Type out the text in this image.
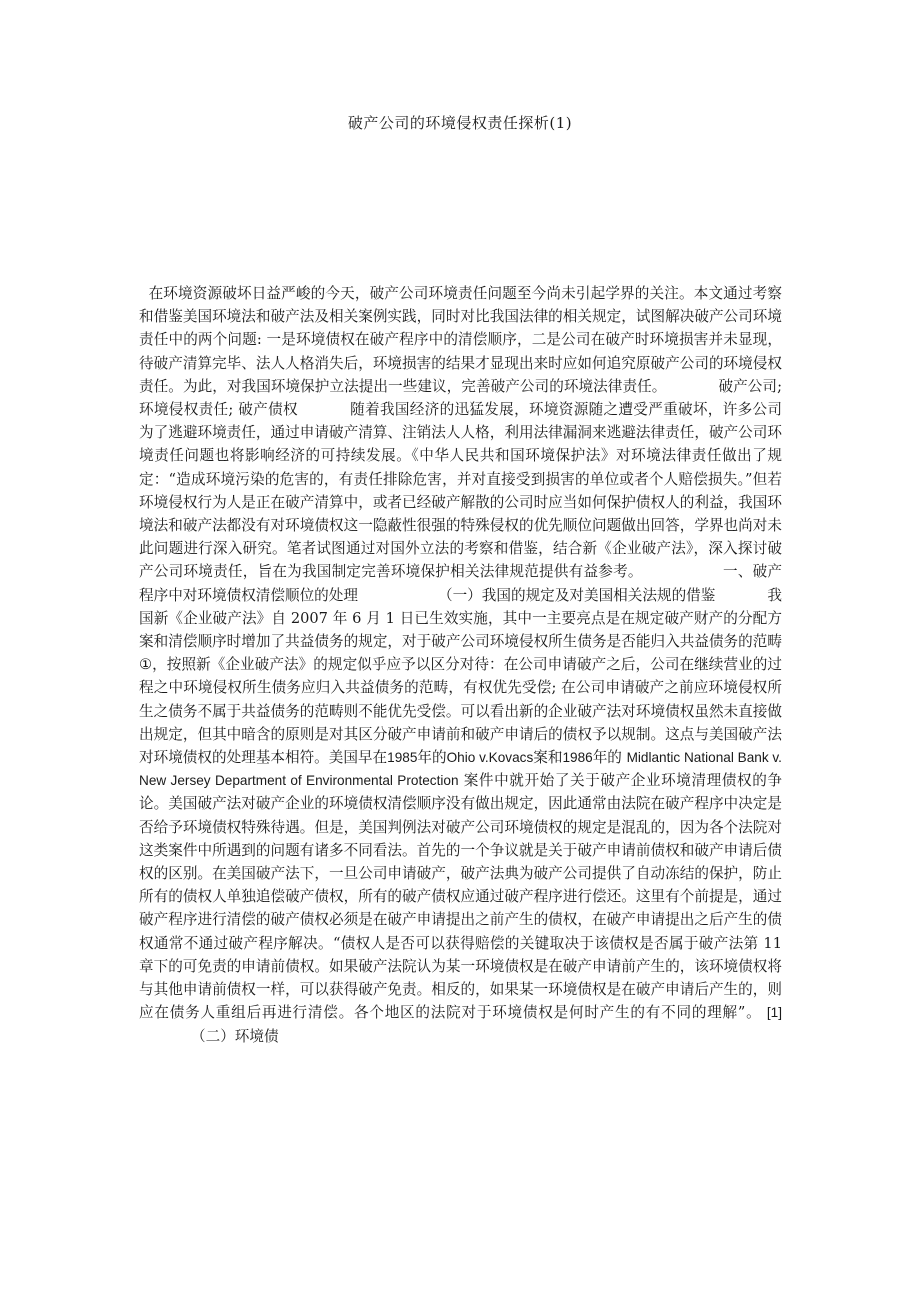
破产公司的环境侵权责任探析(1)
在环境资源破坏日益严峻的今天，破产公司环境责任问题至今尚未引起学界的关注。本文通过考察和借鉴美国环境法和破产法及相关案例实践，同时对比我国法律的相关规定，试图解决破产公司环境责任中的两个问题: 一是环境债权在破产程序中的清偿顺序，二是公司在破产时环境损害并未显现，待破产清算完毕、法人人格消失后，环境损害的结果才显现出来时应如何追究原破产公司的环境侵权责任。为此，对我国环境保护立法提出一些建议，完善破产公司的环境法律责任。	破产公司; 环境侵权责任; 破产债权	随着我国经济的迅猛发展，环境资源随之遭受严重破坏，许多公司为了逃避环境责任，通过申请破产清算、注销法人人格，利用法律漏洞来逃避法律责任，破产公司环境责任问题也将影响经济的可持续发展。《中华人民共和国环境保护法》对环境法律责任做出了规定：“造成环境污染的危害的，有责任排除危害，并对直接受到损害的单位或者个人赔偿损失。”但若环境侵权行为人是正在破产清算中，或者已经破产解散的公司时应当如何保护债权人的利益，我国环境法和破产法都没有对环境债权这一隐蔽性很强的特殊侵权的优先顺位问题做出回答，学界也尚对未此问题进行深入研究。笔者试图通过对国外立法的考察和借鉴，结合新《企业破产法》，深入探讨破产公司环境责任，旨在为我国制定完善环境保护相关法律规范提供有益参考。	一、破产程序中对环境债权清偿顺位的处理	（一）我国的规定及对美国相关法规的借鉴	我国新《企业破产法》自 2007 年 6 月 1 日已生效实施，其中一主要亮点是在规定破产财产的分配方案和清偿顺序时增加了共益债务的规定，对于破产公司环境侵权所生债务是否能归入共益债务的范畴①，按照新《企业破产法》的规定似乎应予以区分对待：在公司申请破产之后，公司在继续营业的过程之中环境侵权所生债务应归入共益债务的范畴，有权优先受偿; 在公司申请破产之前应环境侵权所生之债务不属于共益债务的范畴则不能优先受偿。可以看出新的企业破产法对环境债权虽然未直接做出规定，但其中暗含的原则是对其区分破产申请前和破产申请后的债权予以规制。这点与美国破产法对环境债权的处理基本相符。美国早在1985年的Ohio v.Kovacs案和1986年的 Midlantic National Bank v.New Jersey Department of Environmental Protection 案件中就开始了关于破产企业环境清理债权的争论。美国破产法对破产企业的环境债权清偿顺序没有做出规定，因此通常由法院在破产程序中决定是否给予环境债权特殊待遇。但是，美国判例法对破产公司环境债权的规定是混乱的，因为各个法院对这类案件中所遇到的问题有诸多不同看法。首先的一个争议就是关于破产申请前债权和破产申请后债权的区别。在美国破产法下，一旦公司申请破产，破产法典为破产公司提供了自动冻结的保护，防止所有的债权人单独追偿破产债权，所有的破产债权应通过破产程序进行偿还。这里有个前提是，通过破产程序进行清偿的破产债权必须是在破产申请提出之前产生的债权，在破产申请提出之后产生的债权通常不通过破产程序解决。“债权人是否可以获得赔偿的关键取决于该债权是否属于破产法第 11 章下的可免责的申请前债权。如果破产法院认为某一环境债权是在破产申请前产生的，该环境债权将与其他申请前债权一样，可以获得破产免责。相反的，如果某一环境债权是在破产申请后产生的，则应在债务人重组后再进行清偿。各个地区的法院对于环境债权是何时产生的有不同的理解”。 [1]（二）环境债
